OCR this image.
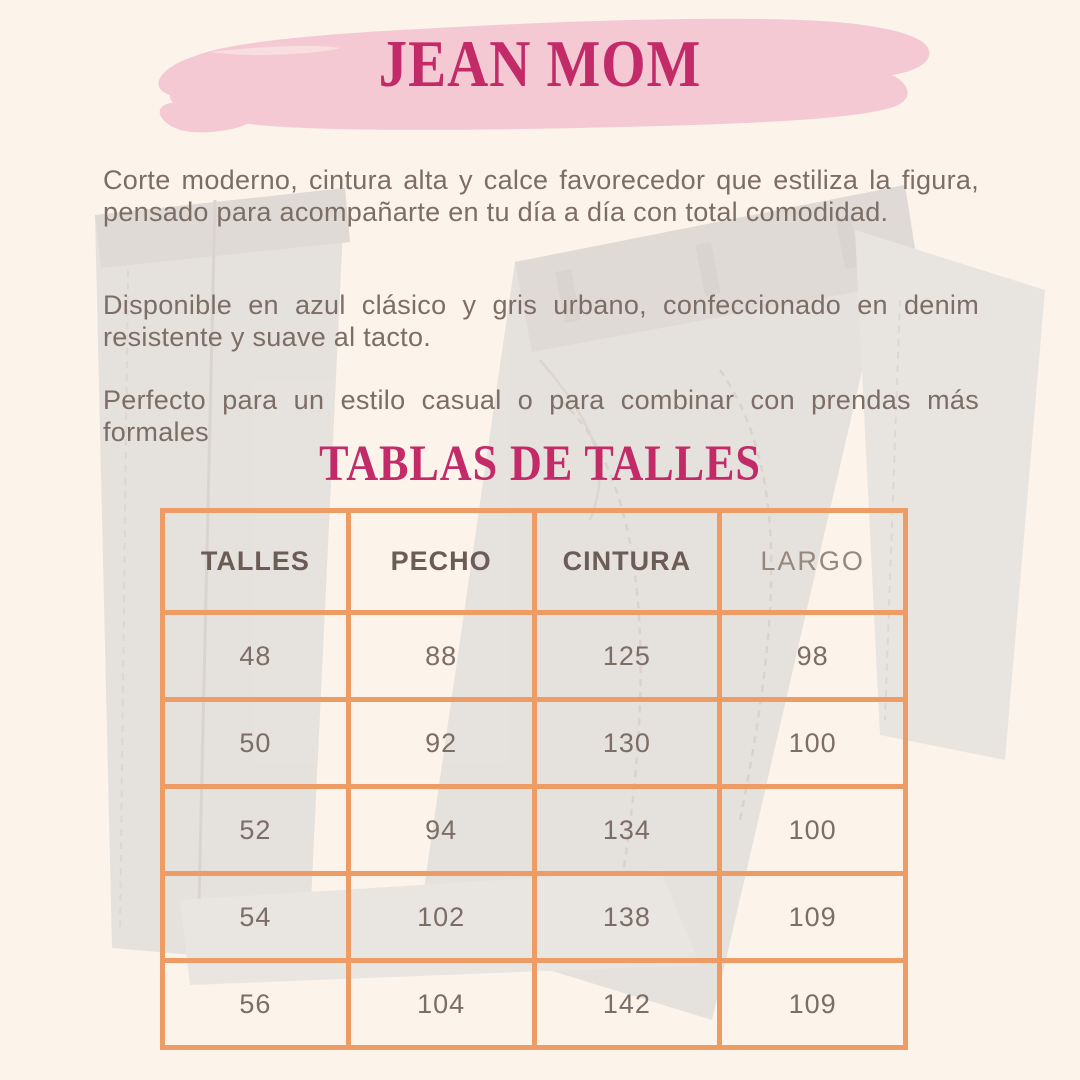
JEAN MOM

Corte moderno, cintura alta y calce favorecedor que estiliza la figura, pensado para acompañarte en tu día a día con total comodidad.

Disponible en azul clásico y gris urbano, confeccionado en denim resistente y suave al tacto.

Perfecto para un estilo casual o para combinar con prendas más formales

TABLAS DE TALLES
TALLES	PECHO	CINTURA	LARGO
48	88	125	98
50	92	130	100
52	94	134	100
54	102	138	109
56	104	142	109
